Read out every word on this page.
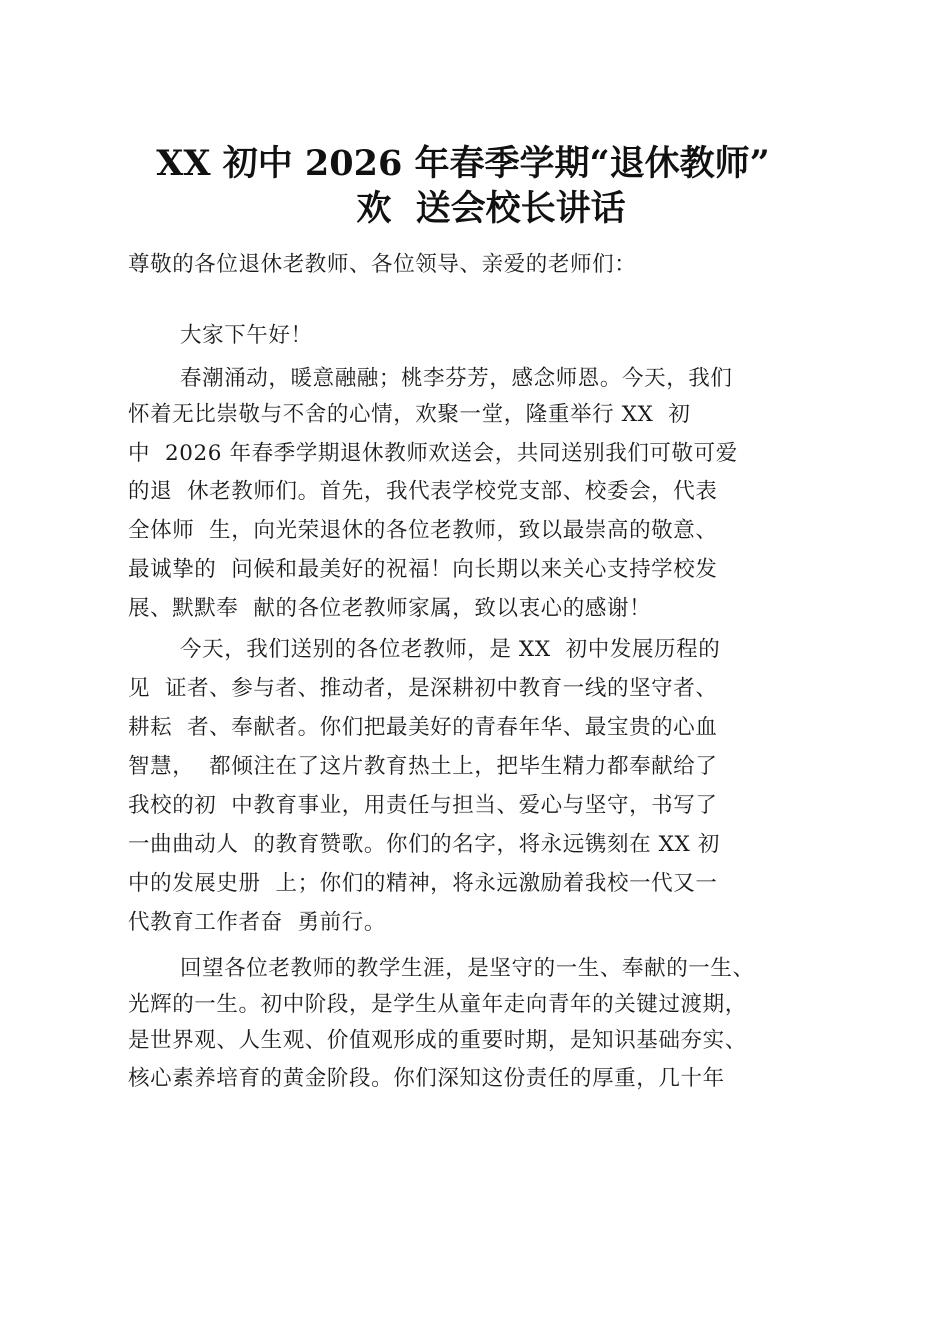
XX 初中 2026 年春季学期“退休教师”
欢  送会校长讲话
尊敬的各位退休老教师、各位领导、亲爱的老师们：
大家下午好！
春潮涌动，暖意融融；桃李芬芳，感念师恩。今天，我们
怀着无比崇敬与不舍的心情，欢聚一堂，隆重举行 XX  初
中  2026 年春季学期退休教师欢送会，共同送别我们可敬可爱
的退  休老教师们。首先，我代表学校党支部、校委会，代表
全体师  生，向光荣退休的各位老教师，致以最崇高的敬意、
最诚挚的  问候和最美好的祝福！向长期以来关心支持学校发
展、默默奉  献的各位老教师家属，致以衷心的感谢！
今天，我们送别的各位老教师，是 XX  初中发展历程的
见  证者、参与者、推动者，是深耕初中教育一线的坚守者、
耕耘  者、奉献者。你们把最美好的青春年华、最宝贵的心血
智慧，  都倾注在了这片教育热土上，把毕生精力都奉献给了
我校的初  中教育事业，用责任与担当、爱心与坚守，书写了
一曲曲动人  的教育赞歌。你们的名字，将永远镌刻在 XX 初
中的发展史册  上；你们的精神，将永远激励着我校一代又一
代教育工作者奋  勇前行。
回望各位老教师的教学生涯，是坚守的一生、奉献的一生、
光辉的一生。初中阶段，是学生从童年走向青年的关键过渡期，
是世界观、人生观、价值观形成的重要时期，是知识基础夯实、
核心素养培育的黄金阶段。你们深知这份责任的厚重，几十年
